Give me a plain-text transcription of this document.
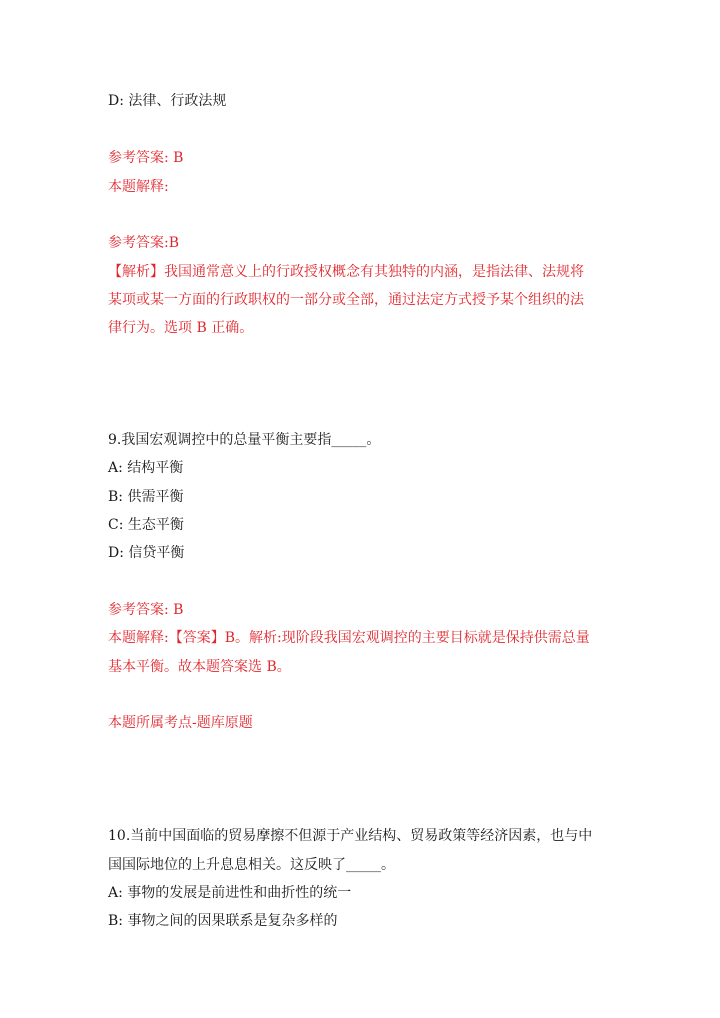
D: 法律、行政法规
参考答案: B
本题解释:
参考答案:B
【解析】我国通常意义上的行政授权概念有其独特的内涵，是指法律、法规将
某项或某一方面的行政职权的一部分或全部，通过法定方式授予某个组织的法
律行为。选项 B 正确。
9.我国宏观调控中的总量平衡主要指_____。
A: 结构平衡
B: 供需平衡
C: 生态平衡
D: 信贷平衡
参考答案: B
本题解释:【答案】B。解析:现阶段我国宏观调控的主要目标就是保持供需总量
基本平衡。故本题答案选 B。
本题所属考点-题库原题
10.当前中国面临的贸易摩擦不但源于产业结构、贸易政策等经济因素，也与中
国国际地位的上升息息相关。这反映了_____。
A: 事物的发展是前进性和曲折性的统一
B: 事物之间的因果联系是复杂多样的
